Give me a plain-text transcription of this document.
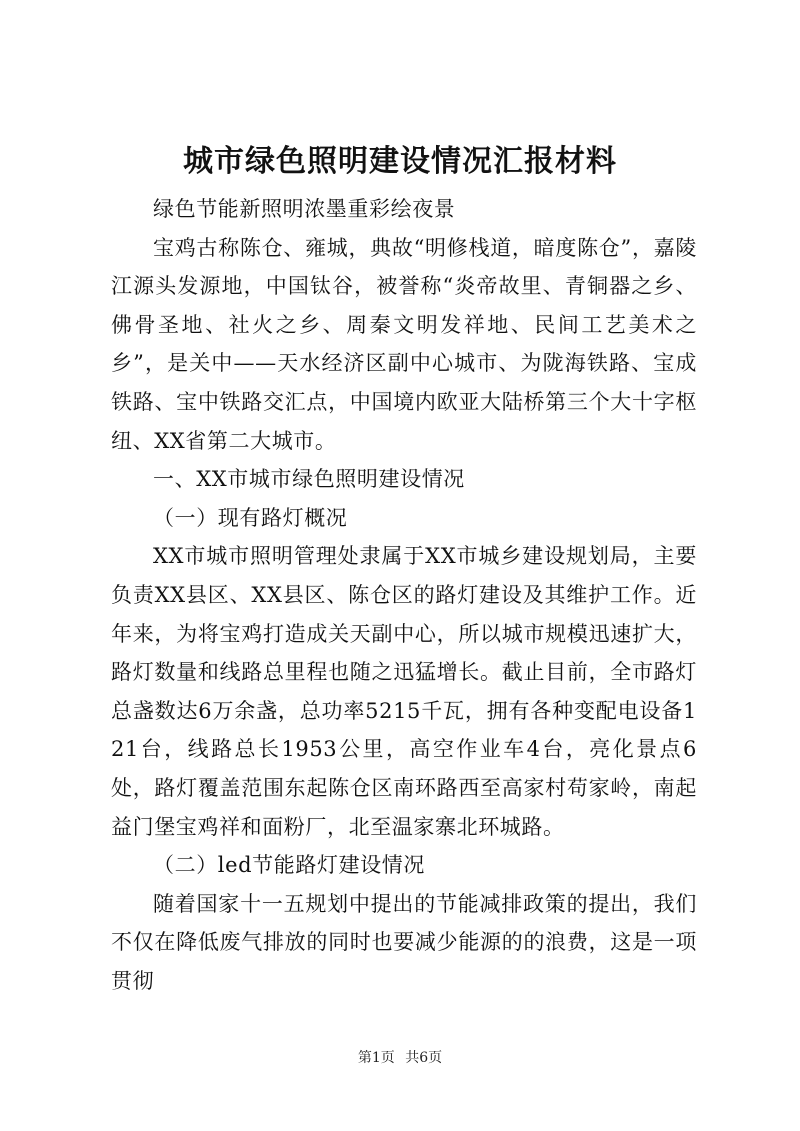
城市绿色照明建设情况汇报材料

绿色节能新照明浓墨重彩绘夜景

宝鸡古称陈仓、雍城，典故“明修栈道，暗度陈仓”，嘉陵江源头发源地，中国钛谷，被誉称“炎帝故里、青铜器之乡、佛骨圣地、社火之乡、周秦文明发祥地、民间工艺美术之乡”，是关中——天水经济区副中心城市、为陇海铁路、宝成铁路、宝中铁路交汇点，中国境内欧亚大陆桥第三个大十字枢纽、XX省第二大城市。

一、XX市城市绿色照明建设情况

（一）现有路灯概况

XX市城市照明管理处隶属于XX市城乡建设规划局，主要负责XX县区、XX县区、陈仓区的路灯建设及其维护工作。近年来，为将宝鸡打造成关天副中心，所以城市规模迅速扩大，路灯数量和线路总里程也随之迅猛增长。截止目前，全市路灯总盏数达6万余盏，总功率5215千瓦，拥有各种变配电设备121台，线路总长1953公里，高空作业车4台，亮化景点6处，路灯覆盖范围东起陈仓区南环路西至高家村苟家岭，南起益门堡宝鸡祥和面粉厂，北至温家寨北环城路。

（二）led节能路灯建设情况

随着国家十一五规划中提出的节能减排政策的提出，我们不仅在降低废气排放的同时也要减少能源的的浪费，这是一项贯彻

第1页 共6页
